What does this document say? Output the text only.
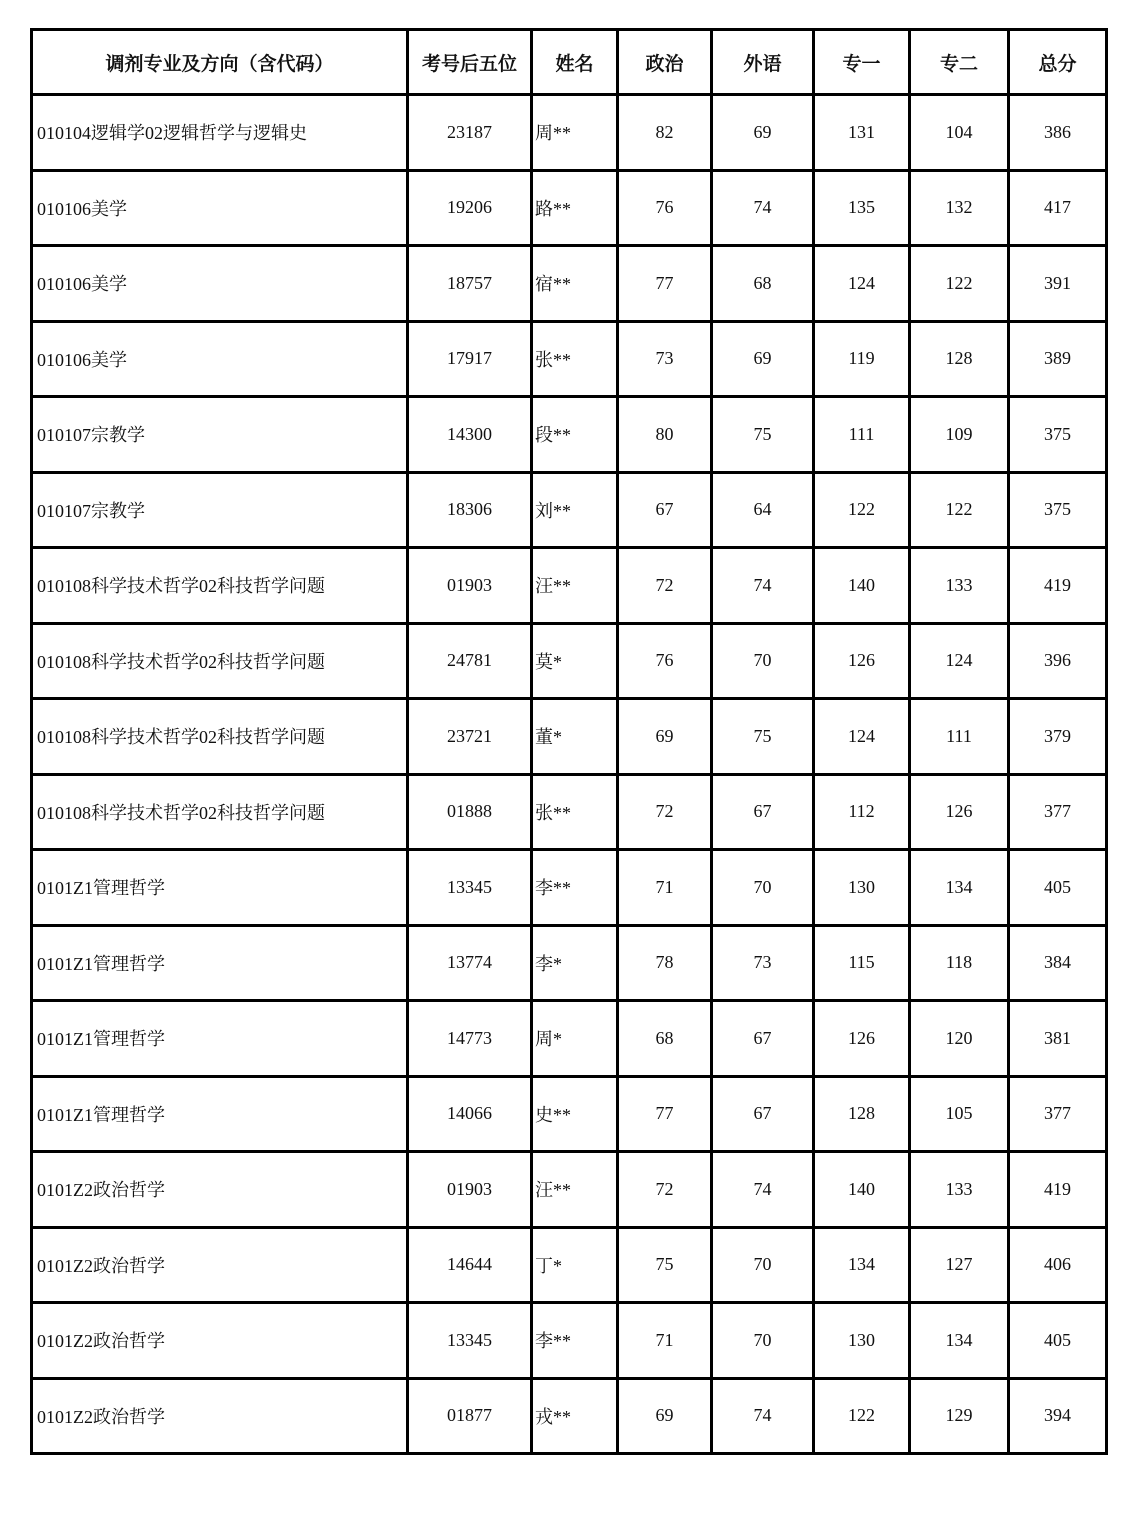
调剂专业及方向（含代码）	考号后五位	姓名	政治	外语	专一	专二	总分
010104逻辑学02逻辑哲学与逻辑史	23187	周**	82	69	131	104	386
010106美学	19206	路**	76	74	135	132	417
010106美学	18757	宿**	77	68	124	122	391
010106美学	17917	张**	73	69	119	128	389
010107宗教学	14300	段**	80	75	111	109	375
010107宗教学	18306	刘**	67	64	122	122	375
010108科学技术哲学02科技哲学问题	01903	汪**	72	74	140	133	419
010108科学技术哲学02科技哲学问题	24781	莫*	76	70	126	124	396
010108科学技术哲学02科技哲学问题	23721	董*	69	75	124	111	379
010108科学技术哲学02科技哲学问题	01888	张**	72	67	112	126	377
0101Z1管理哲学	13345	李**	71	70	130	134	405
0101Z1管理哲学	13774	李*	78	73	115	118	384
0101Z1管理哲学	14773	周*	68	67	126	120	381
0101Z1管理哲学	14066	史**	77	67	128	105	377
0101Z2政治哲学	01903	汪**	72	74	140	133	419
0101Z2政治哲学	14644	丁*	75	70	134	127	406
0101Z2政治哲学	13345	李**	71	70	130	134	405
0101Z2政治哲学	01877	戎**	69	74	122	129	394
